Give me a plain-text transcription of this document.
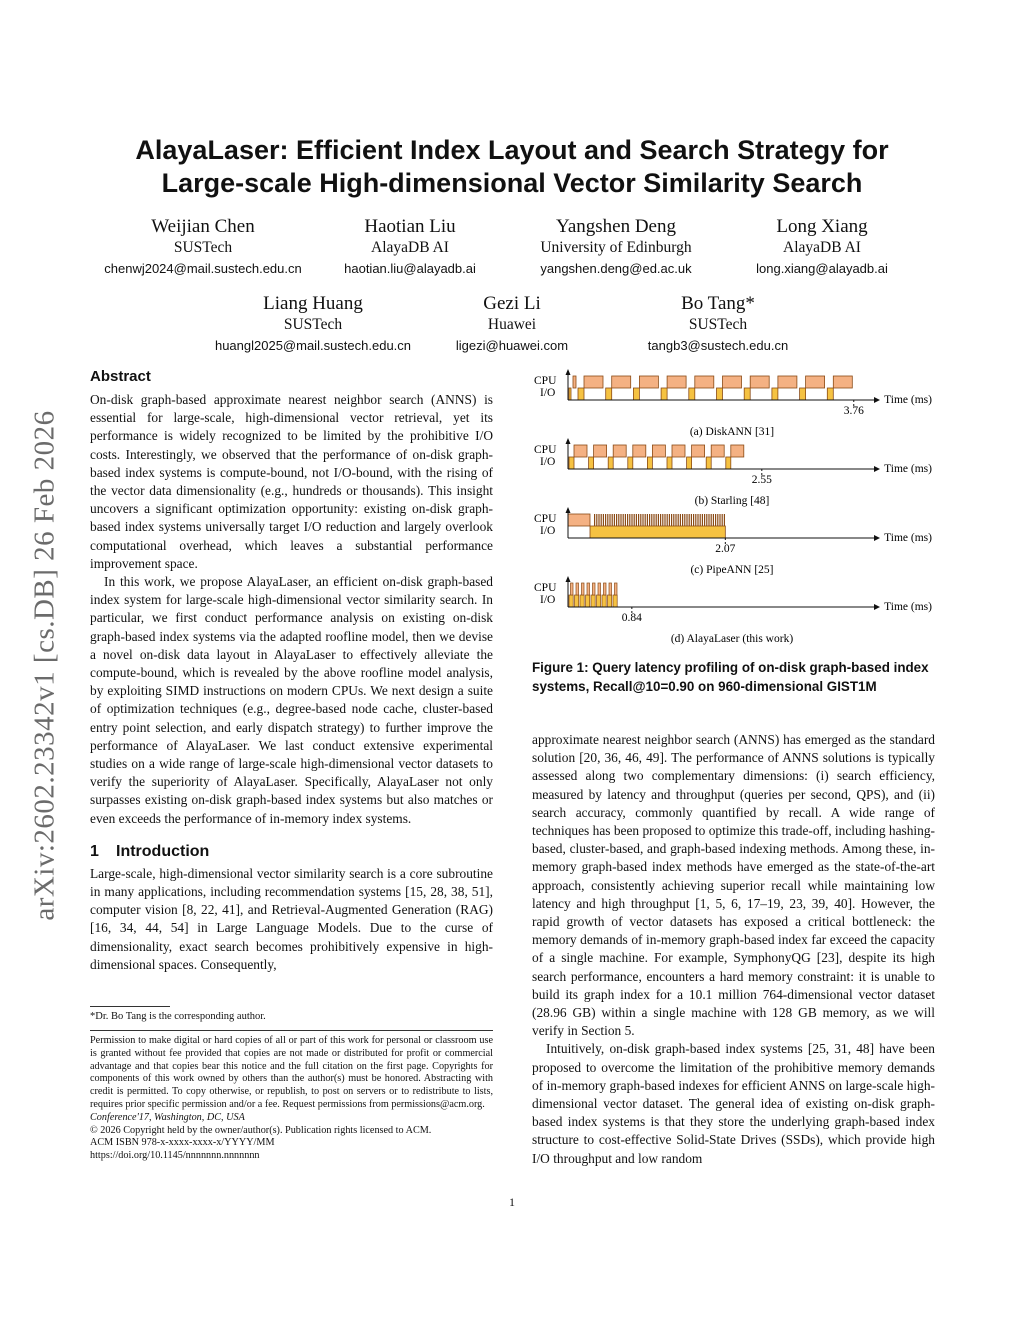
arXiv:2602.23342v1 [cs.DB] 26 Feb 2026
AlayaLaser: Efficient Index Layout and Search Strategy for
Large-scale High-dimensional Vector Similarity Search
Weijian Chen
SUSTech
chenwj2024@mail.sustech.edu.cn
Haotian Liu
AlayaDB AI
haotian.liu@alayadb.ai
Yangshen Deng
University of Edinburgh
yangshen.deng@ed.ac.uk
Long Xiang
AlayaDB AI
long.xiang@alayadb.ai
Liang Huang
SUSTech
huangl2025@mail.sustech.edu.cn
Gezi Li
Huawei
ligezi@huawei.com
Bo Tang*
SUSTech
tangb3@sustech.edu.cn
Abstract

On-disk graph-based approximate nearest neighbor search (ANNS) is essential for large-scale, high-dimensional vector retrieval, yet its performance is widely recognized to be limited by the prohibitive I/O costs. Interestingly, we observed that the performance of on-disk graph-based index systems is compute-bound, not I/O-bound, with the rising of the vector data dimensionality (e.g., hundreds or thousands). This insight uncovers a significant optimization opportunity: existing on-disk graph-based index systems universally target I/O reduction and largely overlook computational overhead, which leaves a substantial performance improvement space.

In this work, we propose AlayaLaser, an efficient on-disk graph-based index system for large-scale high-dimensional vector similarity search. In particular, we first conduct performance analysis on existing on-disk graph-based index systems via the adapted roofline model, then we devise a novel on-disk data layout in AlayaLaser to effectively alleviate the compute-bound, which is revealed by the above roofline model analysis, by exploiting SIMD instructions on modern CPUs. We next design a suite of optimization techniques (e.g., degree-based node cache, cluster-based entry point selection, and early dispatch strategy) to further improve the performance of AlayaLaser. We last conduct extensive experimental studies on a wide range of large-scale high-dimensional vector datasets to verify the superiority of AlayaLaser. Specifically, AlayaLaser not only surpasses existing on-disk graph-based index systems but also matches or even exceeds the performance of in-memory index systems.

1 Introduction

Large-scale, high-dimensional vector similarity search is a core subroutine in many applications, including recommendation systems [15, 28, 38, 51], computer vision [8, 22, 41], and Retrieval-Augmented Generation (RAG) [16, 34, 44, 54] in Large Language Models. Due to the curse of dimensionality, exact search becomes prohibitively expensive in high-dimensional spaces. Consequently,

*Dr. Bo Tang is the corresponding author.

Permission to make digital or hard copies of all or part of this work for personal or classroom use is granted without fee provided that copies are not made or distributed for profit or commercial advantage and that copies bear this notice and the full citation on the first page. Copyrights for components of this work owned by others than the author(s) must be honored. Abstracting with credit is permitted. To copy otherwise, or republish, to post on servers or to redistribute to lists, requires prior specific permission and/or a fee. Request permissions from permissions@acm.org.

Conference'17, Washington, DC, USA

© 2026 Copyright held by the owner/author(s). Publication rights licensed to ACM.

ACM ISBN 978-x-xxxx-xxxx-x/YYYY/MM

https://doi.org/10.1145/nnnnnnn.nnnnnnn

CPU
I/O
3.76
Time (ms)
(a) DiskANN [31]
CPU
I/O
2.55
Time (ms)
(b) Starling [48]
CPU
I/O
2.07
Time (ms)
(c) PipeANN [25]
CPU
I/O
0.84
Time (ms)
(d) AlayaLaser (this work)
Figure 1: Query latency profiling of on-disk graph-based index systems, Recall@10=0.90 on 960-dimensional GIST1M

approximate nearest neighbor search (ANNS) has emerged as the standard solution [20, 36, 46, 49]. The performance of ANNS solutions is typically assessed along two complementary dimensions: (i) search efficiency, measured by latency and throughput (queries per second, QPS), and (ii) search accuracy, commonly quantified by recall. A wide range of techniques has been proposed to optimize this trade-off, including hashing-based, cluster-based, and graph-based indexing methods. Among these, in-memory graph-based index methods have emerged as the state-of-the-art approach, consistently achieving superior recall while maintaining low latency and high throughput [1, 5, 6, 17–19, 23, 39, 40]. However, the rapid growth of vector datasets has exposed a critical bottleneck: the memory demands of in-memory graph-based index far exceed the capacity of a single machine. For example, SymphonyQG [23], despite its high search performance, encounters a hard memory constraint: it is unable to build its graph index for a 10.1 million 764-dimensional vector dataset (28.96 GB) within a single machine with 128 GB memory, as we will verify in Section 5.

Intuitively, on-disk graph-based index systems [25, 31, 48] have been proposed to overcome the limitation of the prohibitive memory demands of in-memory graph-based indexes for efficient ANNS on large-scale high-dimensional vector dataset. The general idea of existing on-disk graph-based index systems is that they store the underlying graph-based index structure to cost-effective Solid-State Drives (SSDs), which provide high I/O throughput and low random

1
